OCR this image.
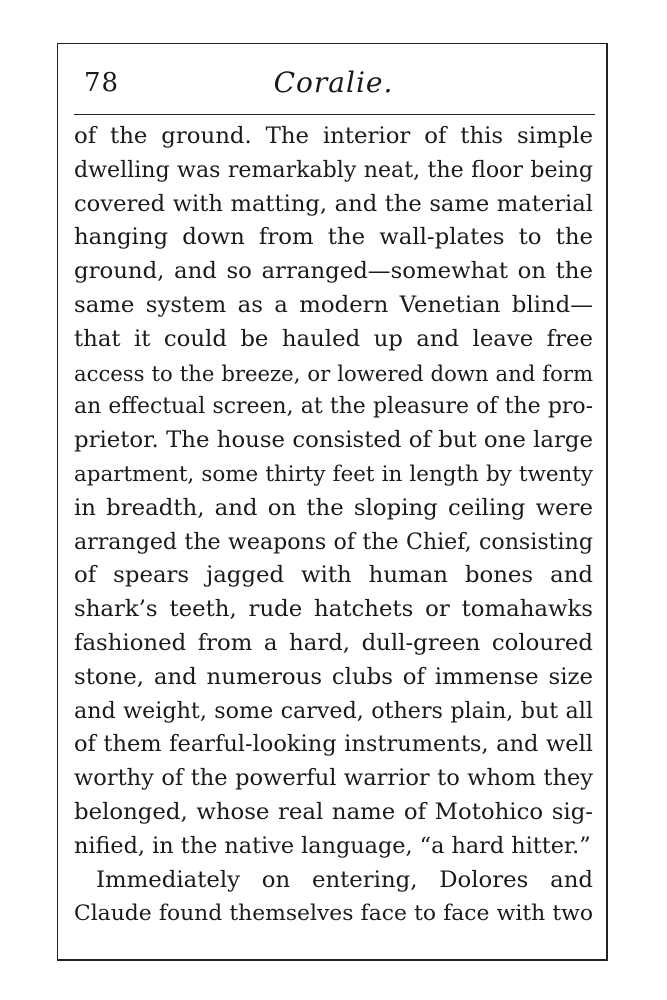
78	Coralie.
of the ground. The interior of this simple
dwelling was remarkably neat, the floor being
covered with matting, and the same material
hanging down from the wall-plates to the
ground, and so arranged—somewhat on the
same system as a modern Venetian blind—
that it could be hauled up and leave free
access to the breeze, or lowered down and form
an effectual screen, at the pleasure of the pro-
prietor. The house consisted of but one large
apartment, some thirty feet in length by twenty
in breadth, and on the sloping ceiling were
arranged the weapons of the Chief, consisting
of spears jagged with human bones and
shark’s teeth, rude hatchets or tomahawks
fashioned from a hard, dull-green coloured
stone, and numerous clubs of immense size
and weight, some carved, others plain, but all
of them fearful-looking instruments, and well
worthy of the powerful warrior to whom they
belonged, whose real name of Motohico sig-
nified, in the native language, “a hard hitter.”
Immediately on entering, Dolores and
Claude found themselves face to face with two
